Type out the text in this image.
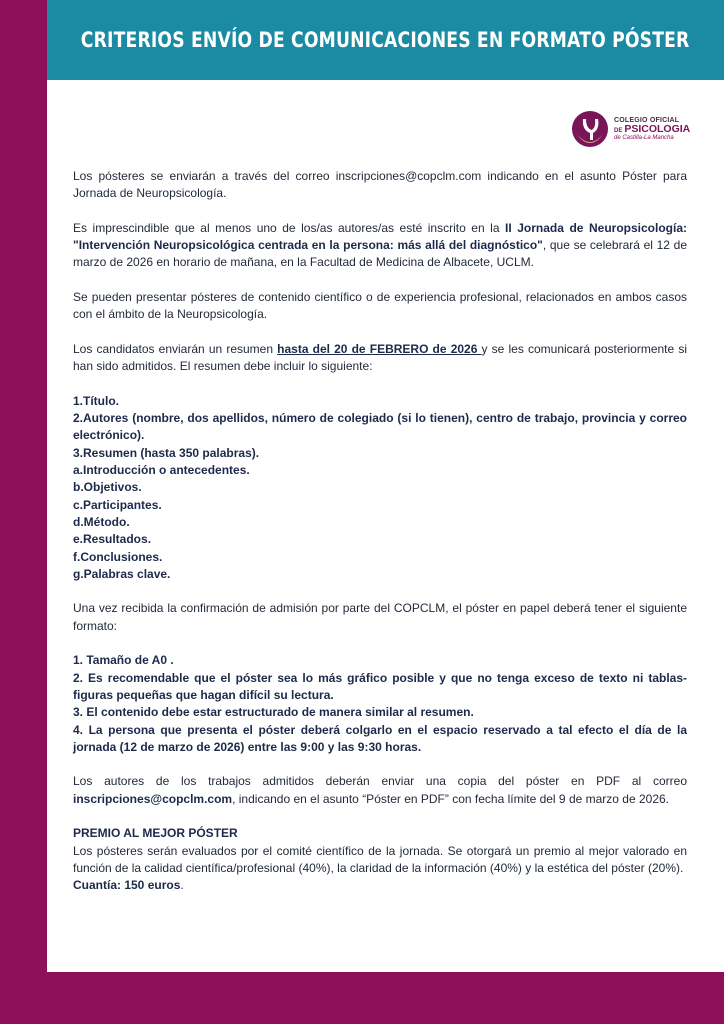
CRITERIOS ENVÍO DE COMUNICACIONES EN FORMATO PÓSTER
COLEGIO OFICIAL
DE PSICOLOGIA
de Castilla-La Mancha

Los pósteres se enviarán a través del correo inscripciones@copclm.com indicando en el asunto Póster para Jornada de Neuropsicología.

Es imprescindible que al menos uno de los/as autores/as esté inscrito en la II Jornada de Neuropsicología: "Intervención Neuropsicológica centrada en la persona: más allá del diagnóstico", que se celebrará el 12 de marzo de 2026 en horario de mañana, en la Facultad de Medicina de Albacete, UCLM.

Se pueden presentar pósteres de contenido científico o de experiencia profesional, relacionados en ambos casos con el ámbito de la Neuropsicología.

Los candidatos enviarán un resumen hasta del 20 de FEBRERO de 2026 y se les comunicará posteriormente si han sido admitidos. El resumen debe incluir lo siguiente:

1.Título.
2.Autores (nombre, dos apellidos, número de colegiado (si lo tienen), centro de trabajo, provincia y correo electrónico).
3.Resumen (hasta 350 palabras).
a.Introducción o antecedentes.
b.Objetivos.
c.Participantes.
d.Método.
e.Resultados.
f.Conclusiones.
g.Palabras clave.

Una vez recibida la confirmación de admisión por parte del COPCLM, el póster en papel deberá tener el siguiente formato:

1. Tamaño de A0 .
2. Es recomendable que el póster sea lo más gráfico posible y que no tenga exceso de texto ni tablas-figuras pequeñas que hagan difícil su lectura.
3. El contenido debe estar estructurado de manera similar al resumen.
4. La persona que presenta el póster deberá colgarlo en el espacio reservado a tal efecto el día de la jornada (12 de marzo de 2026) entre las 9:00 y las 9:30 horas.

Los autores de los trabajos admitidos deberán enviar una copia del póster en PDF al correo inscripciones@copclm.com, indicando en el asunto “Póster en PDF” con fecha límite del 9 de marzo de 2026.

PREMIO AL MEJOR PÓSTER

Los pósteres serán evaluados por el comité científico de la jornada. Se otorgará un premio al mejor valorado en función de la calidad científica/profesional (40%), la claridad de la información (40%) y la estética del póster (20%).

Cuantía: 150 euros.
